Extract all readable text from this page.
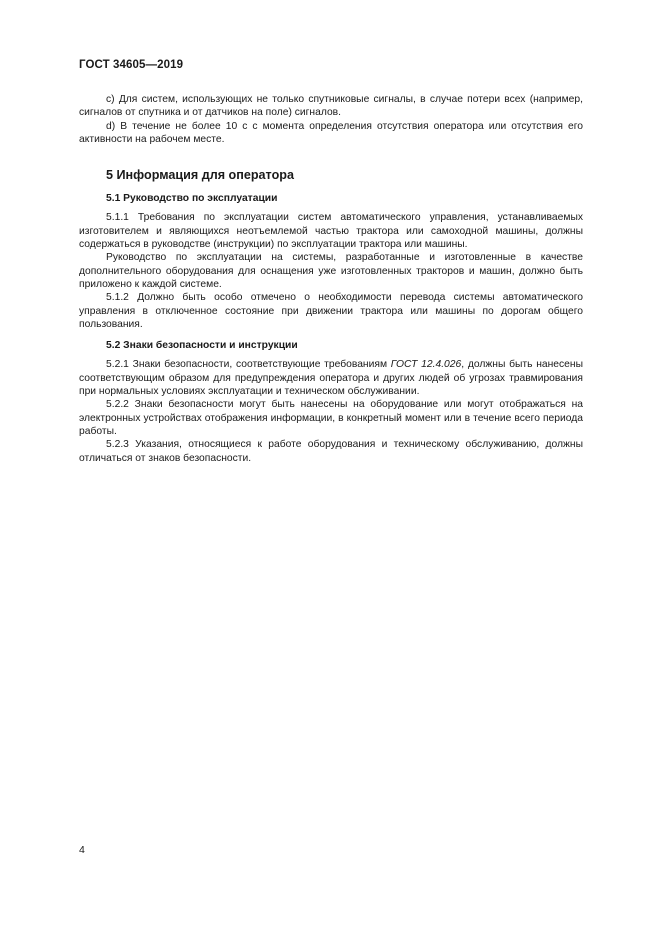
ГОСТ 34605—2019

c) Для систем, использующих не только спутниковые сигналы, в случае потери всех (например, сигналов от спутника и от датчиков на поле) сигналов.

d) В течение не более 10 с с момента определения отсутствия оператора или отсутствия его активности на рабочем месте.

5 Информация для оператора
5.1 Руководство по эксплуатации

5.1.1 Требования по эксплуатации систем автоматического управления, устанавливаемых изготовителем и являющихся неотъемлемой частью трактора или самоходной машины, должны содержаться в руководстве (инструкции) по эксплуатации трактора или машины.

Руководство по эксплуатации на системы, разработанные и изготовленные в качестве дополнительного оборудования для оснащения уже изготовленных тракторов и машин, должно быть приложено к каждой системе.

5.1.2 Должно быть особо отмечено о необходимости перевода системы автоматического управления в отключенное состояние при движении трактора или машины по дорогам общего пользования.

5.2 Знаки безопасности и инструкции

5.2.1 Знаки безопасности, соответствующие требованиям ГОСТ 12.4.026, должны быть нанесены соответствующим образом для предупреждения оператора и других людей об угрозах травмирования при нормальных условиях эксплуатации и техническом обслуживании.

5.2.2 Знаки безопасности могут быть нанесены на оборудование или могут отображаться на электронных устройствах отображения информации, в конкретный момент или в течение всего периода работы.

5.2.3 Указания, относящиеся к работе оборудования и техническому обслуживанию, должны отличаться от знаков безопасности.

4
